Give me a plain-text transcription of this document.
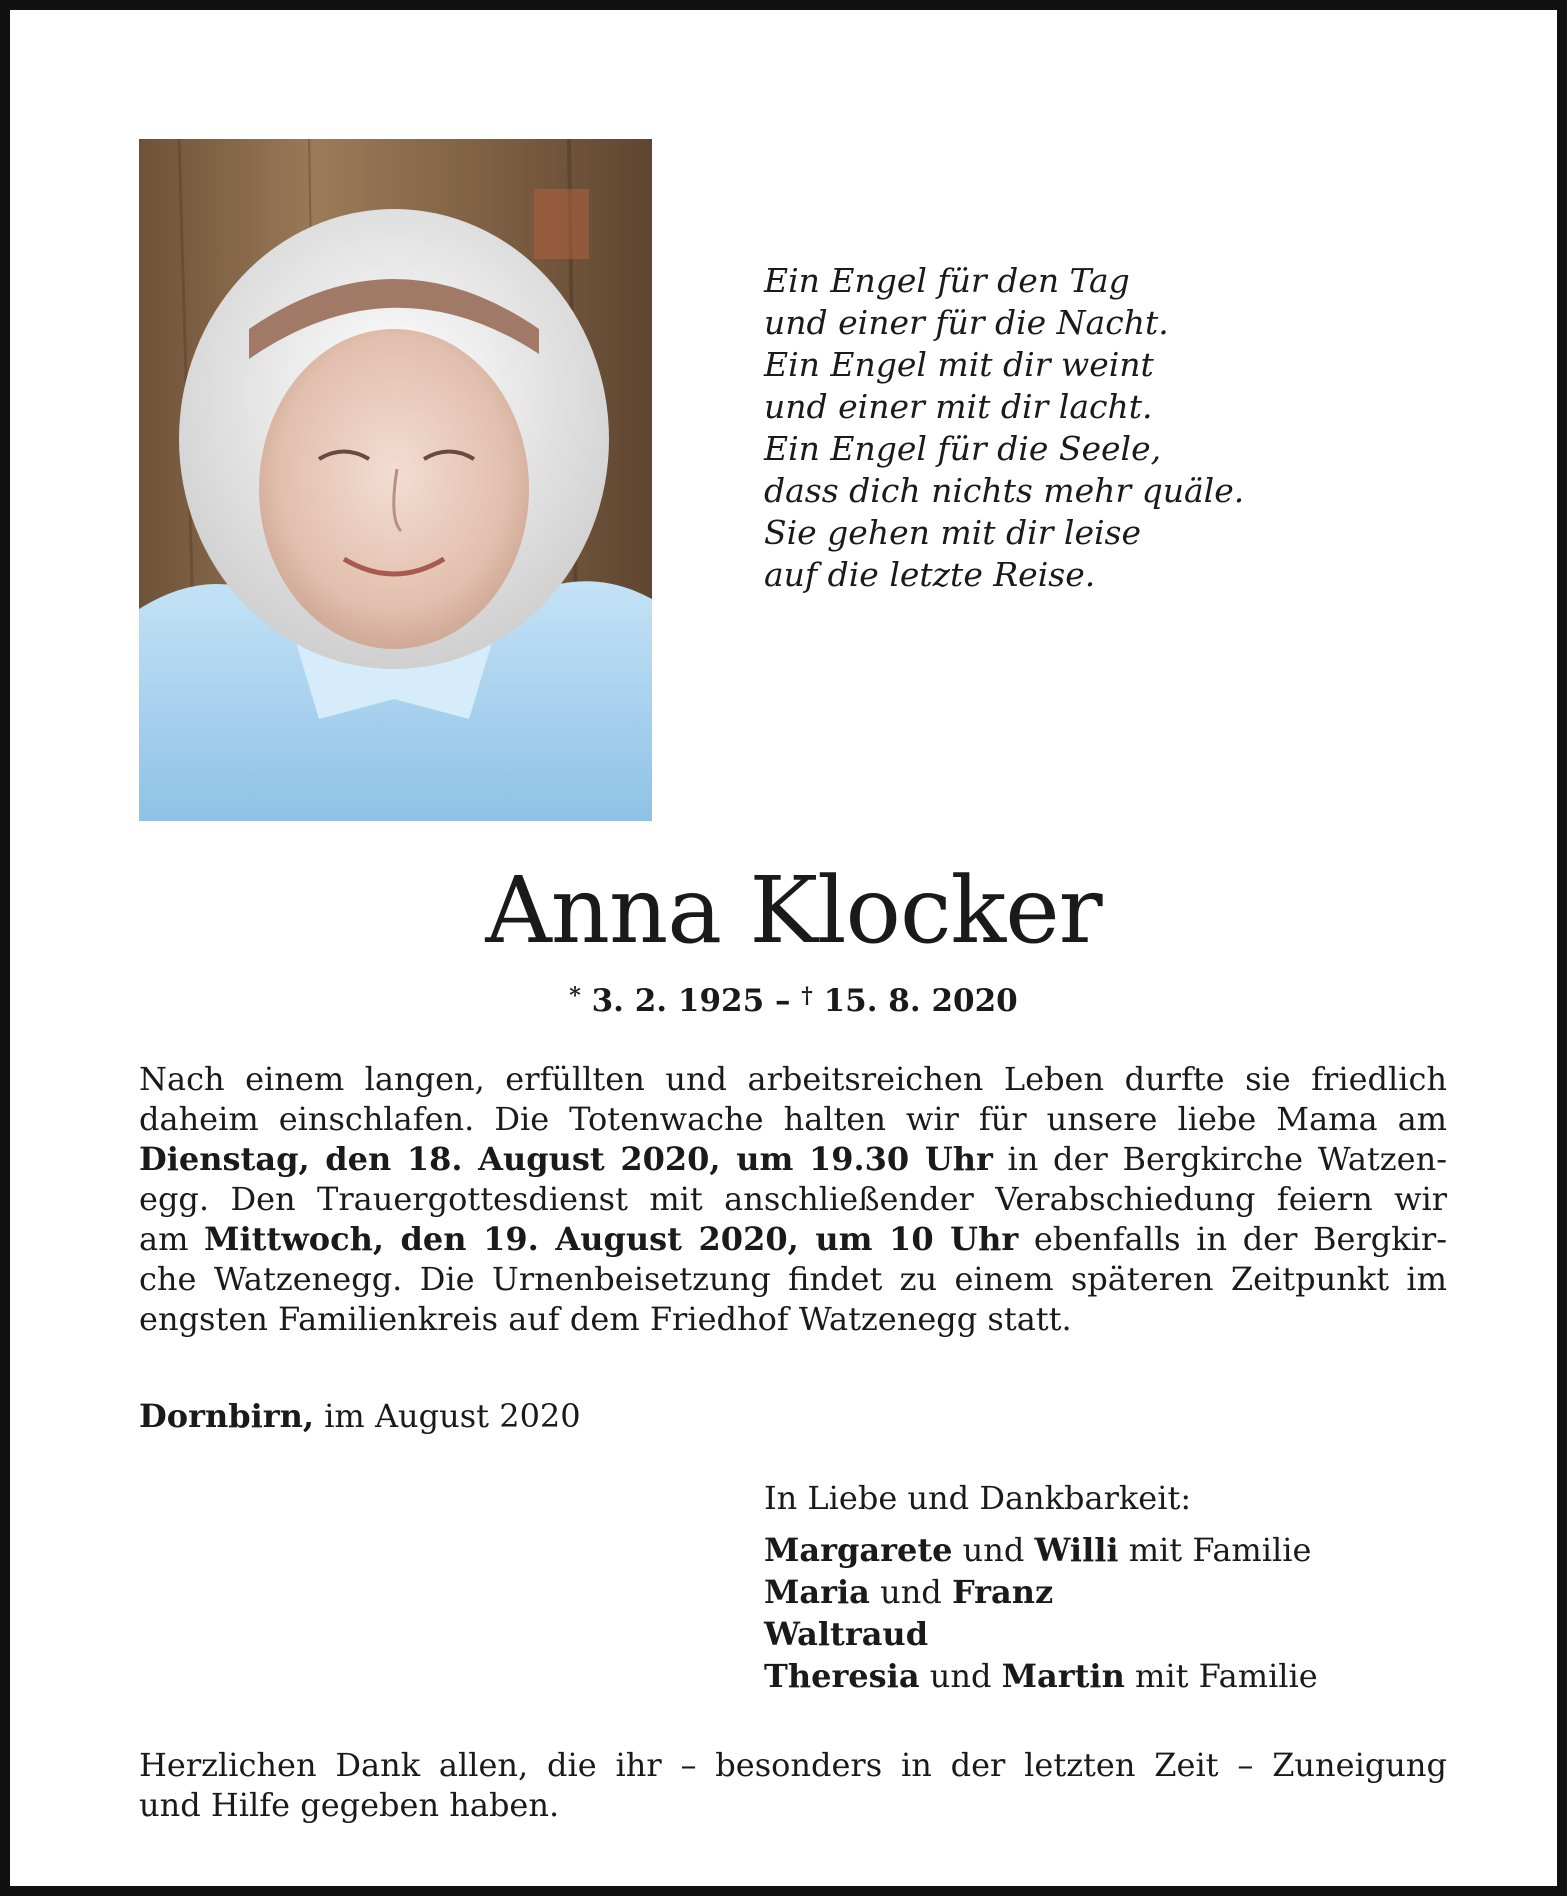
Ein Engel für den Tag
und einer für die Nacht.
Ein Engel mit dir weint
und einer mit dir lacht.
Ein Engel für die Seele,
dass dich nichts mehr quäle.
Sie gehen mit dir leise
auf die letzte Reise.
Anna Klocker
* 3. 2. 1925 – † 15. 8. 2020
Nach einem langen, erfüllten und arbeitsreichen Leben durfte sie friedlich
daheim einschlafen. Die Totenwache halten wir für unsere liebe Mama am
Dienstag, den 18. August 2020, um 19.30 Uhr in der Bergkirche Watzen-
egg. Den Trauergottesdienst mit anschließender Verabschiedung feiern wir
am Mittwoch, den 19. August 2020, um 10 Uhr ebenfalls in der Bergkir-
che Watzenegg. Die Urnenbeisetzung findet zu einem späteren Zeitpunkt im
engsten Familienkreis auf dem Friedhof Watzenegg statt.
Dornbirn, im August 2020
In Liebe und Dankbarkeit:
Margarete und Willi mit Familie
Maria und Franz
Waltraud
Theresia und Martin mit Familie
Herzlichen Dank allen, die ihr – besonders in der letzten Zeit – Zuneigung
und Hilfe gegeben haben.
